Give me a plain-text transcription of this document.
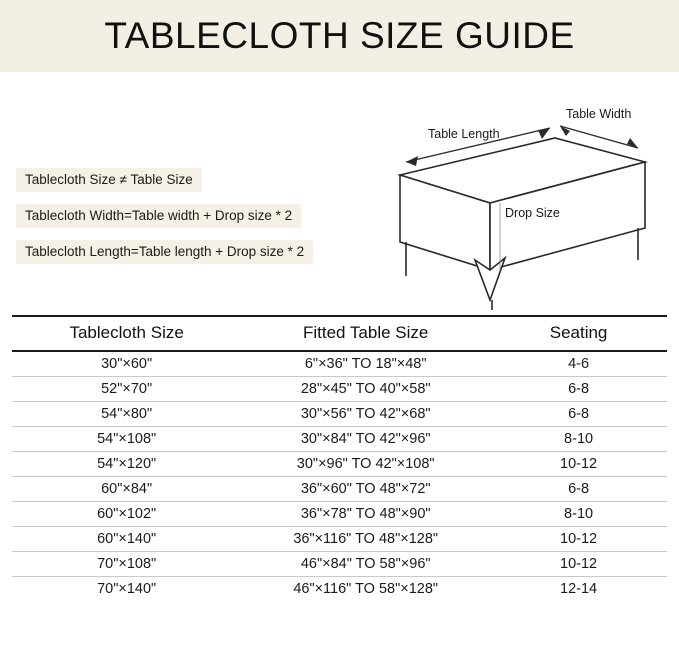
TABLECLOTH SIZE GUIDE
Tablecloth Size ≠ Table Size
Tablecloth Width=Table width + Drop size * 2
Tablecloth Length=Table length + Drop size * 2
Table Length
Table Width
Drop Size
Tablecloth Size	Fitted Table Size	Seating
30"×60"	6"×36" TO 18"×48"	4-6
52"×70"	28"×45" TO 40"×58"	6-8
54"×80"	30"×56" TO 42"×68"	6-8
54"×108"	30"×84" TO 42"×96"	8-10
54"×120"	30"×96" TO 42"×108"	10-12
60"×84"	36"×60" TO 48"×72"	6-8
60"×102"	36"×78" TO 48"×90"	8-10
60"×140"	36"×116" TO 48"×128"	10-12
70"×108"	46"×84" TO 58"×96"	10-12
70"×140"	46"×116" TO 58"×128"	12-14
